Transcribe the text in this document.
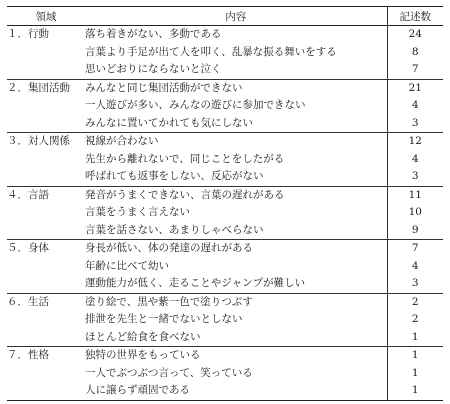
領域	内容	記述数
１．行動	落ち着きがない、多動である	24
	言葉より手足が出て人を叩く、乱暴な振る舞いをする	8
	思いどおりにならないと泣く	7
２．集団活動	みんなと同じ集団活動ができない	21
	一人遊びが多い、みんなの遊びに参加できない	4
	みんなに置いてかれても気にしない	3
３．対人関係	視線が合わない	12
	先生から離れないで、同じことをしたがる	4
	呼ばれても返事をしない、反応がない	3
４．言語	発音がうまくできない、言葉の遅れがある	11
	言葉をうまく言えない	10
	言葉を話さない、あまりしゃべらない	9
５．身体	身長が低い、体の発達の遅れがある	7
	年齢に比べて幼い	4
	運動能力が低く、走ることやジャンプが難しい	3
６．生活	塗り絵で、黒や紫一色で塗りつぶす	2
	排泄を先生と一緒でないとしない	2
	ほとんど給食を食べない	1
７．性格	独特の世界をもっている	1
	一人でぶつぶつ言って、笑っている	1
	人に譲らず頑固である	1
